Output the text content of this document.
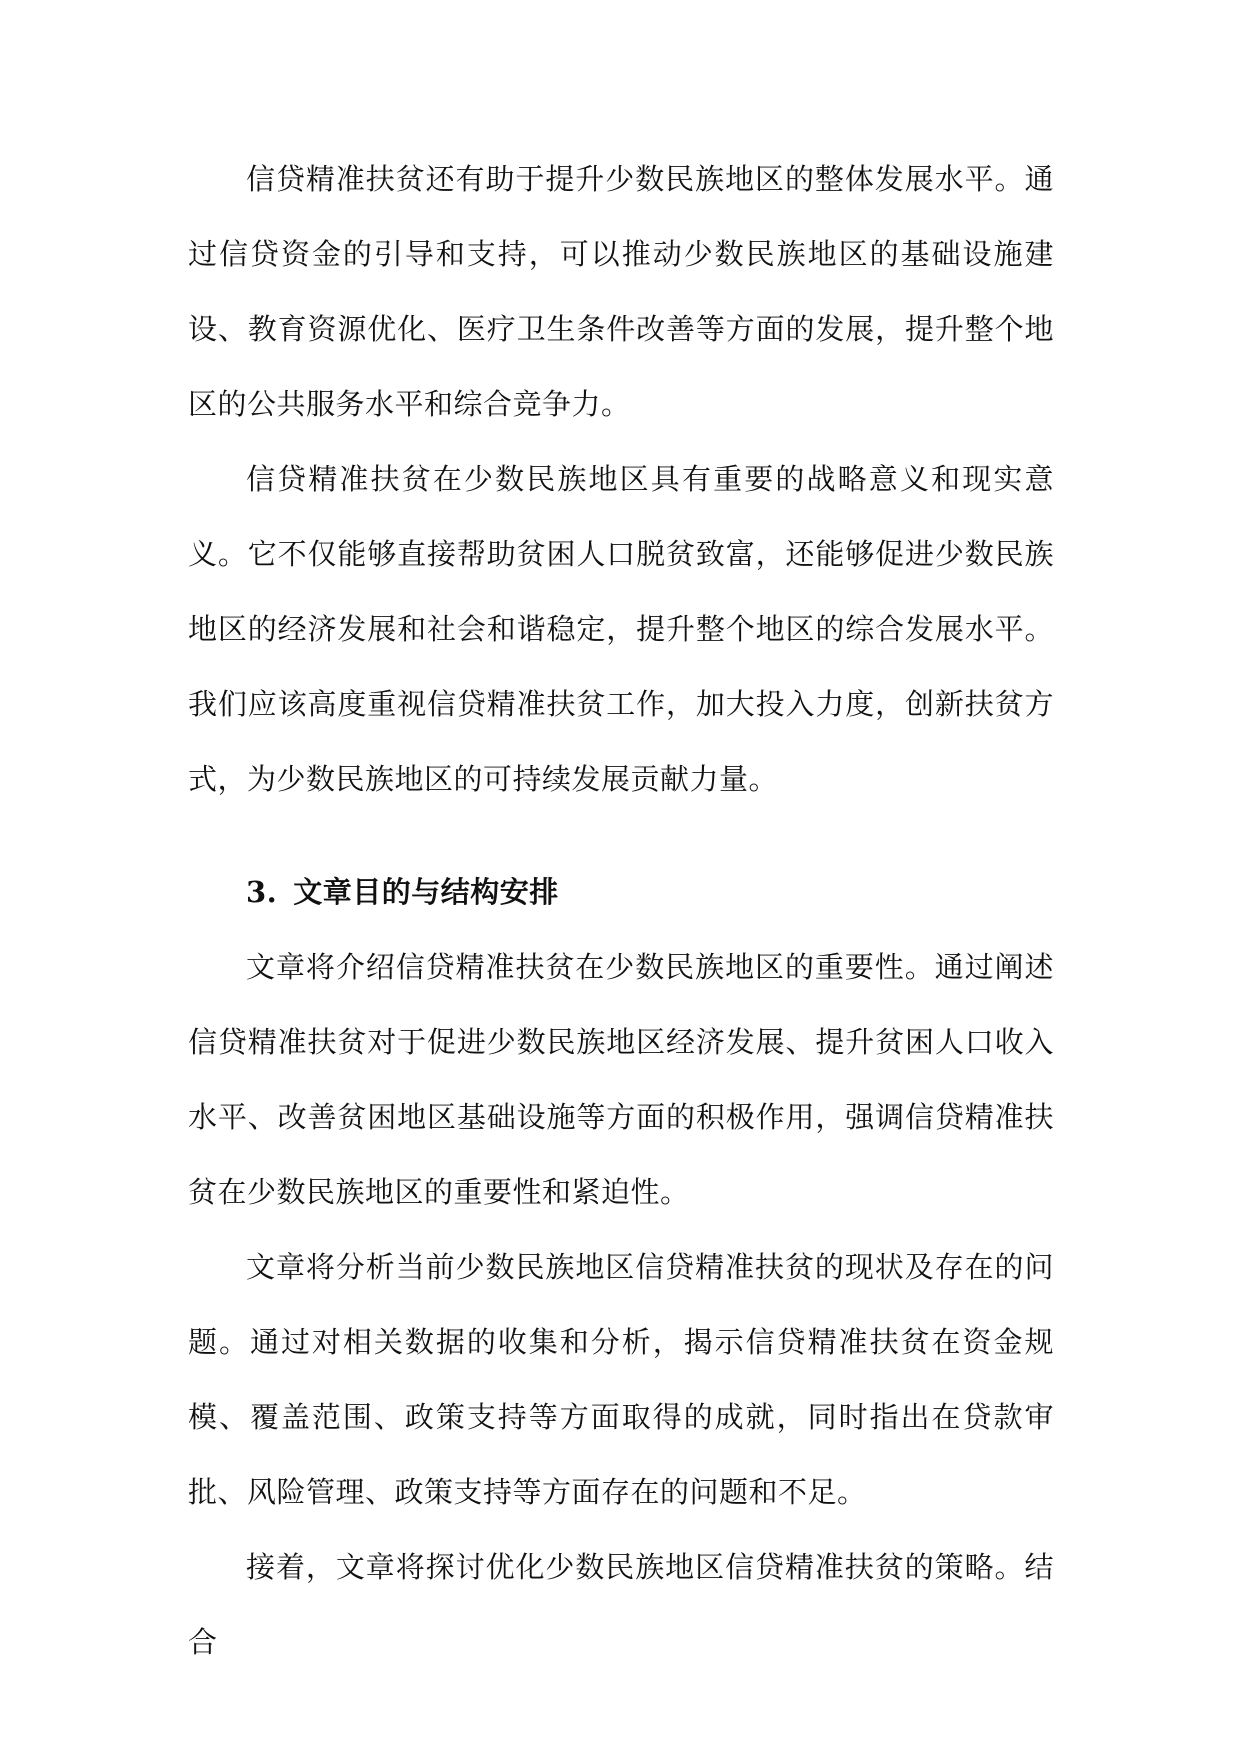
信贷精准扶贫还有助于提升少数民族地区的整体发展水平。通过信贷资金的引导和支持，可以推动少数民族地区的基础设施建设、教育资源优化、医疗卫生条件改善等方面的发展，提升整个地区的公共服务水平和综合竞争力。

信贷精准扶贫在少数民族地区具有重要的战略意义和现实意义。它不仅能够直接帮助贫困人口脱贫致富，还能够促进少数民族地区的经济发展和社会和谐稳定，提升整个地区的综合发展水平。我们应该高度重视信贷精准扶贫工作，加大投入力度，创新扶贫方式，为少数民族地区的可持续发展贡献力量。

3. 文章目的与结构安排

文章将介绍信贷精准扶贫在少数民族地区的重要性。通过阐述信贷精准扶贫对于促进少数民族地区经济发展、提升贫困人口收入水平、改善贫困地区基础设施等方面的积极作用，强调信贷精准扶贫在少数民族地区的重要性和紧迫性。

文章将分析当前少数民族地区信贷精准扶贫的现状及存在的问题。通过对相关数据的收集和分析，揭示信贷精准扶贫在资金规模、覆盖范围、政策支持等方面取得的成就，同时指出在贷款审批、风险管理、政策支持等方面存在的问题和不足。

接着，文章将探讨优化少数民族地区信贷精准扶贫的策略。结合
